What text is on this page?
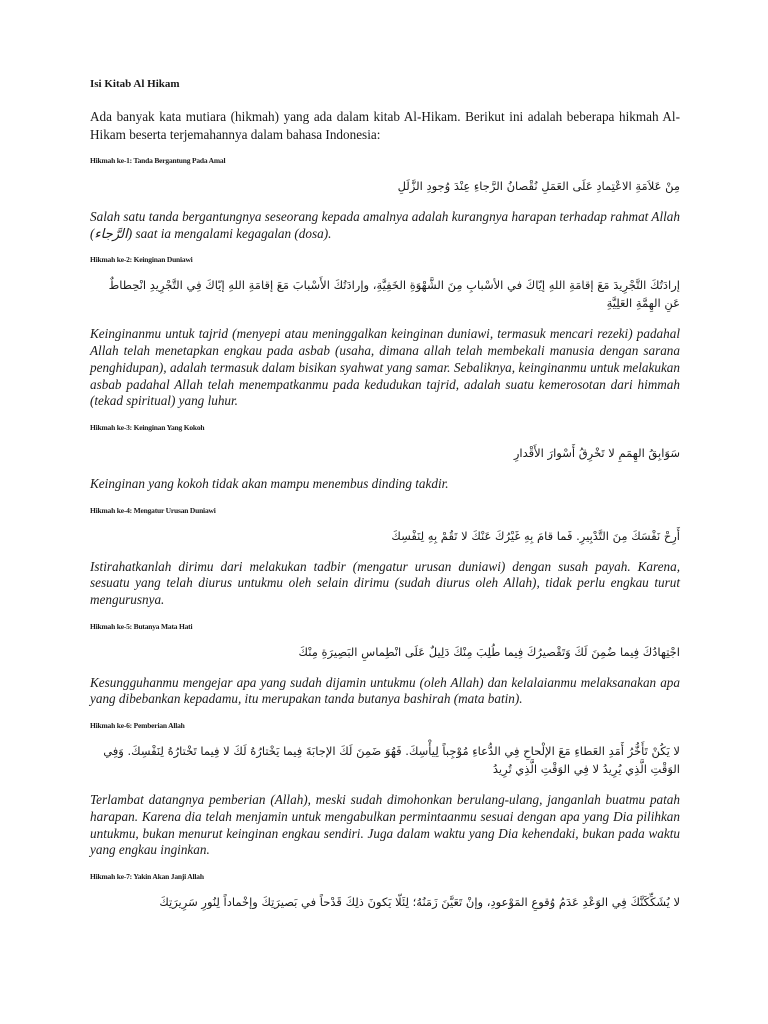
Isi Kitab Al Hikam
Ada banyak kata mutiara (hikmah) yang ada dalam kitab Al-Hikam. Berikut ini adalah beberapa hikmah Al-Hikam beserta terjemahannya dalam bahasa Indonesia:
Hikmah ke-1: Tanda Bergantung Pada Amal
مِنْ عَلاَمَةِ الاعْتِمادِ عَلَى العَمَلِ نُقْصانُ الرَّجاءِ عِنْدَ وُجودِ الزَّلَلِ
Salah satu tanda bergantungnya seseorang kepada amalnya adalah kurangnya harapan terhadap rahmat Allah (الرَّجاء) saat ia mengalami kegagalan (dosa).
Hikmah ke-2: Keinginan Duniawi
إرادَتُكَ التَّجْرِيدَ مَعَ إقامَةِ اللهِ إيّاكَ في الأسْبابِ مِنَ الشَّهْوَةِ الخَفِيَّةِ، وإرادَتُكَ الأَسْبابَ مَعَ إقامَةِ اللهِ إيّاكَ فِي التَّجْرِيدِ انْحِطاطٌ عَنِ الهِمَّةِ العَلِيَّةِ
Keinginanmu untuk tajrid (menyepi atau meninggalkan keinginan duniawi, termasuk mencari rezeki) padahal Allah telah menetapkan engkau pada asbab (usaha, dimana allah telah membekali manusia dengan sarana penghidupan), adalah termasuk dalam bisikan syahwat yang samar. Sebaliknya, keinginanmu untuk melakukan asbab padahal Allah telah menempatkanmu pada kedudukan tajrid, adalah suatu kemerosotan dari himmah (tekad spiritual) yang luhur.
Hikmah ke-3: Keinginan Yang Kokoh
سَوَابِقُ الهِمَمِ لا تَخْرِقُ أَسْوارَ الأَقْدارِ
Keinginan yang kokoh tidak akan mampu menembus dinding takdir.
Hikmah ke-4: Mengatur Urusan Duniawi
أَرِحْ نَفْسَكَ مِنَ التَّدْبِيرِ. فَما قامَ بِهِ غَيْرُكَ عَنْكَ لا تَقُمْ بِهِ لِنَفْسِكَ
Istirahatkanlah dirimu dari melakukan tadbir (mengatur urusan duniawi) dengan susah payah. Karena, sesuatu yang telah diurus untukmu oleh selain dirimu (sudah diurus oleh Allah), tidak perlu engkau turut mengurusnya.
Hikmah ke-5: Butanya Mata Hati
اجْتِهادُكَ فِيما ضُمِنَ لَكَ وَتَقْصيرُكَ فِيما طُلِبَ مِنْكَ دَلِيلٌ عَلَى انْطِماسِ البَصِيرَةِ مِنْكَ
Kesungguhanmu mengejar apa yang sudah dijamin untukmu (oleh Allah) dan kelalaianmu melaksanakan apa yang dibebankan kepadamu, itu merupakan tanda butanya bashirah (mata batin).
Hikmah ke-6: Pemberian Allah
لا يَكُنْ تَأَخُّرُ أَمَدِ العَطاءِ مَعَ الإلْحاحِ فِي الدُّعاءِ مُوْجِباً لِيأْسِكَ. فَهُوَ ضَمِنَ لَكَ الإجابَةَ فِيما يَخْتارُهُ لَكَ لا فِيما تَخْتارُهُ لِنَفْسِكَ. وَفِي الوَقْتِ الَّذِي يُرِيدُ لا فِي الوَقْتِ الَّذِي تُرِيدُ
Terlambat datangnya pemberian (Allah), meski sudah dimohonkan berulang-ulang, janganlah buatmu patah harapan. Karena dia telah menjamin untuk mengabulkan permintaanmu sesuai dengan apa yang Dia pilihkan untukmu, bukan menurut keinginan engkau sendiri. Juga dalam waktu yang Dia kehendaki, bukan pada waktu yang engkau inginkan.
Hikmah ke-7: Yakin Akan Janji Allah
لا يُشَكِّكَنَّكَ فِي الوَعْدِ عَدَمُ وُقوعِ المَوْعودِ، وإنْ تَعَيَّنَ زَمَنُهُ؛ لِئَلّا يَكونَ ذلِكَ قَدْحاً في بَصيرَتِكَ وإخْماداً لِنُورِ سَرِيرَتِكَ
